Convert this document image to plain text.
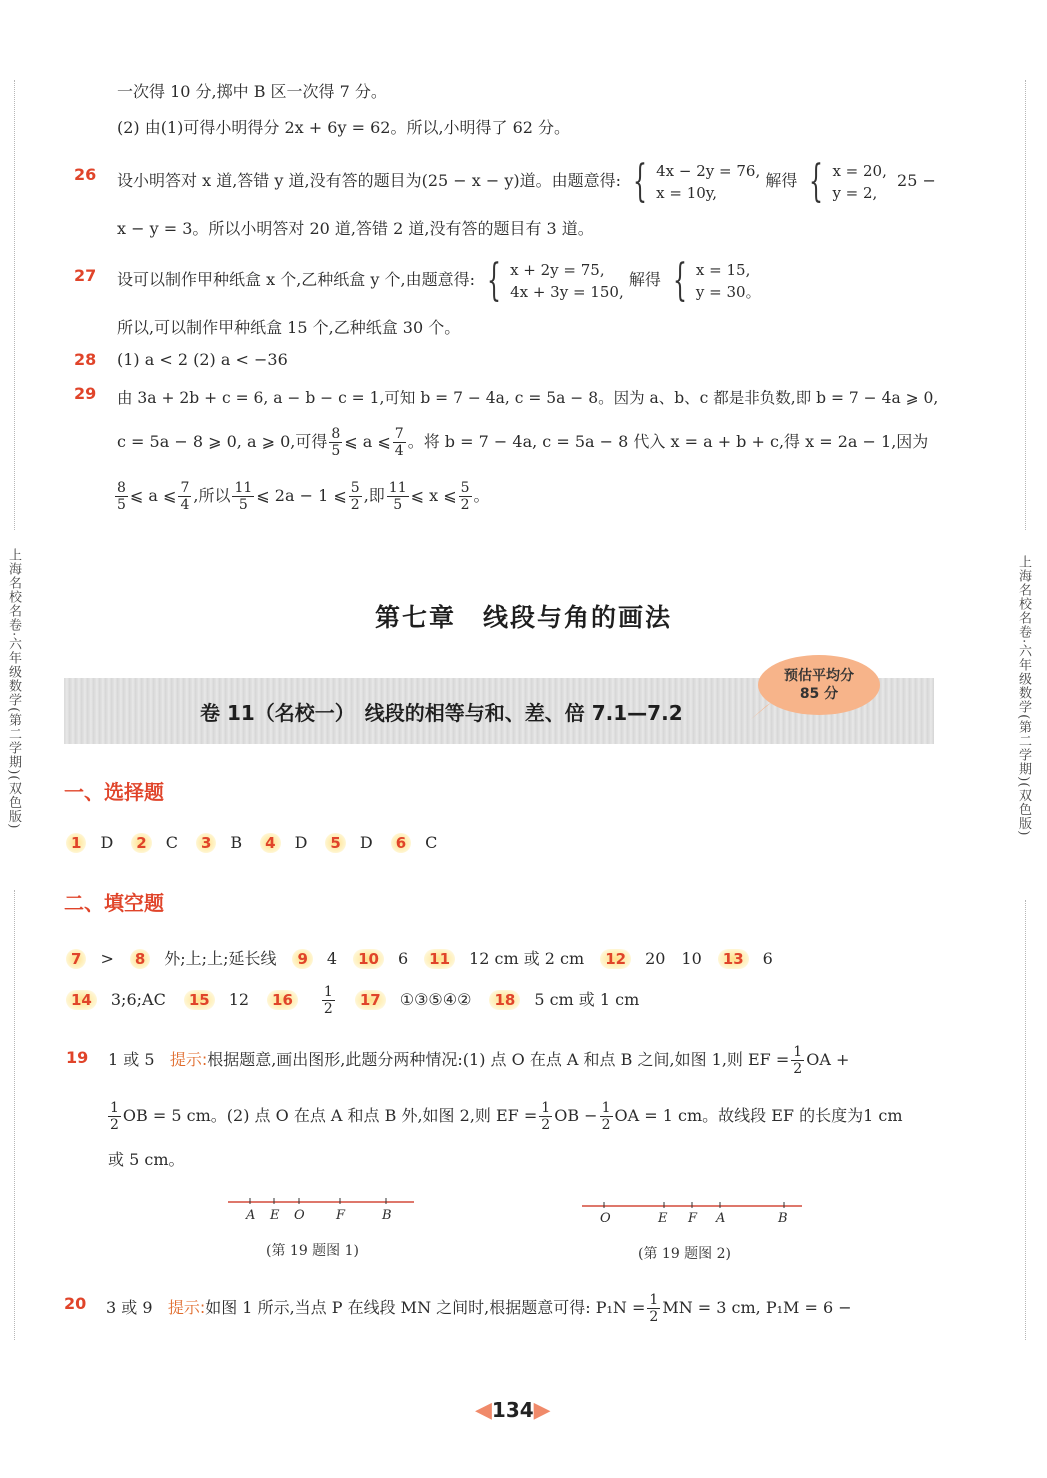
上海名校名卷·六年级数学(第二学期)(双色版)	上海名校名卷·六年级数学(第二学期)(双色版)
一次得 10 分,掷中 B 区一次得 7 分。
(2) 由(1)可得小明得分 2x + 6y = 62。所以,小明得了 62 分。
26 设小明答对 x 道,答错 y 道,没有答的题目为(25 − x − y)道。由题意得: { 4x − 2y = 76,
x = 10y,
解得 { x = 20,
y = 2,
25 −
x − y = 3。所以小明答对 20 道,答错 2 道,没有答的题目有 3 道。
27 设可以制作甲种纸盒 x 个,乙种纸盒 y 个,由题意得: { x + 2y = 75,
4x + 3y = 150,
解得 { x = 15,
y = 30。
所以,可以制作甲种纸盒 15 个,乙种纸盒 30 个。
28 (1) a < 2 (2) a < −36
29 由 3a + 2b + c = 6, a − b − c = 1,可知 b = 7 − 4a, c = 5a − 8。因为 a、b、c 都是非负数,即 b = 7 − 4a ⩾ 0,
c = 5a − 8 ⩾ 0, a ⩾ 0,可得 $\frac{8}{5}$ ⩽ a ⩽ $\frac{7}{4}$ 。将 b = 7 − 4a, c = 5a − 8 代入 x = a + b + c,得 x = 2a − 1,因为
$\frac{8}{5}$ ⩽ a ⩽ $\frac{7}{4}$ ,所以 $\frac{11}{5}$ ⩽ 2a − 1 ⩽ $\frac{5}{2}$ ,即 $\frac{11}{5}$ ⩽ x ⩽ $\frac{5}{2}$ 。
第七章　线段与角的画法
卷 11（名校一）　线段的相等与和、差、倍 7.1—7.2
预估平均分
85 分
一、选择题
1 D 2 C 3 B 4 D 5 D 6 C
二、填空题
7 > 8 外;上;上;延长线 9 4 10 6 11 12 cm 或 2 cm 12 20　10 13 6
14 3;6;AC 15 12 $16 \frac{1}{2} 17$ ①③⑤④② 18 5 cm 或 1 cm
19 1 或 5 提示:根据题意,画出图形,此题分两种情况:(1) 点 O 在点 A 和点 B 之间,如图 1,则 EF = $\frac{1}{2}$ OA +
$\frac{1}{2}$ OB = 5 cm。(2) 点 O 在点 A 和点 B 外,如图 2,则 EF = $\frac{1}{2}$ OB − $\frac{1}{2}$ OA = 1 cm。故线段 EF 的长度为1 cm
或 5 cm。
A E O F	B
(第 19 题图 1)
O	E F A	B
(第 19 题图 2)
20 3 或 9 提示:如图 1 所示,当点 P 在线段 MN 之间时,根据题意可得: $P_1N = \frac{1}{2}$ MN = 3 cm, P₁M = 6 −
◀134▶
